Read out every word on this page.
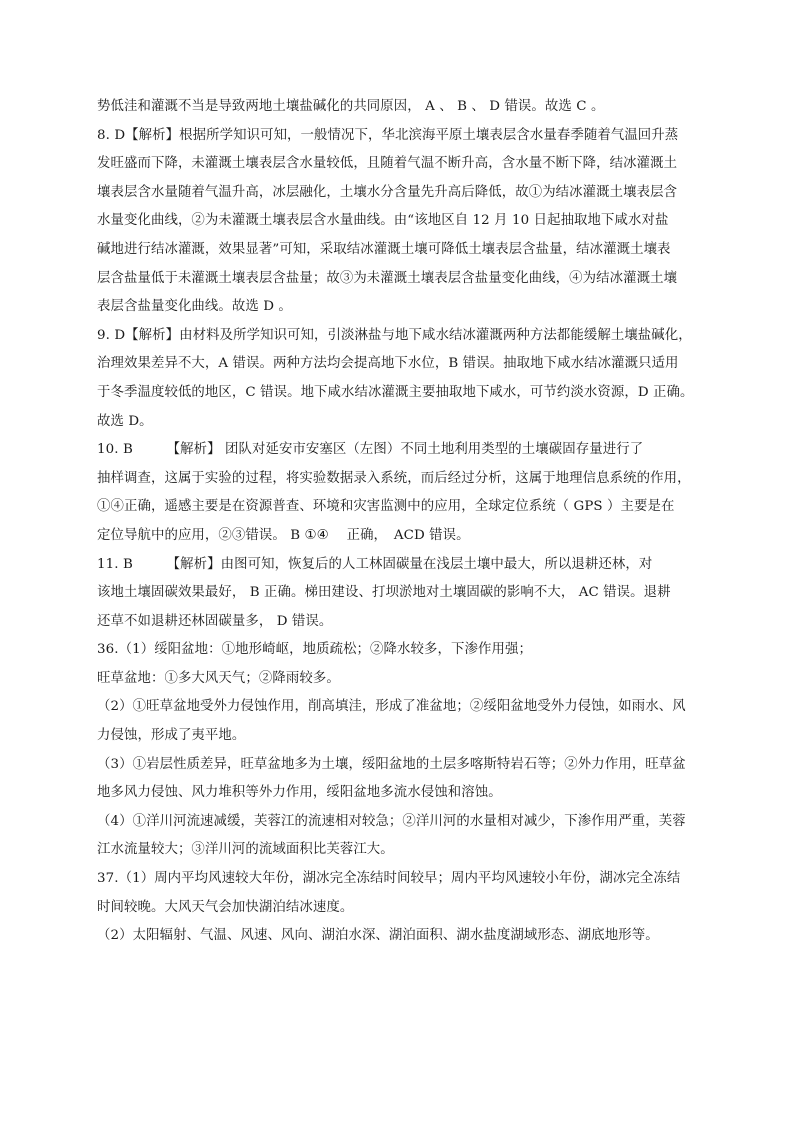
势低洼和灌溉不当是导致两地土壤盐碱化的共同原因， A 、 B 、 D 错误。故选 C 。
8. D【解析】根据所学知识可知，一般情况下，华北滨海平原土壤表层含水量春季随着气温回升蒸
发旺盛而下降，未灌溉土壤表层含水量较低，且随着气温不断升高，含水量不断下降，结冰灌溉土
壤表层含水量随着气温升高，冰层融化，土壤水分含量先升高后降低，故①为结冰灌溉土壤表层含
水量变化曲线，②为未灌溉土壤表层含水量曲线。由“该地区自 12 月 10 日起抽取地下咸水对盐
碱地进行结冰灌溉，效果显著”可知，采取结冰灌溉土壤可降低土壤表层含盐量，结冰灌溉土壤表
层含盐量低于未灌溉土壤表层含盐量；故③为未灌溉土壤表层含盐量变化曲线，④为结冰灌溉土壤
表层含盐量变化曲线。故选 D 。
9. D【解析】由材料及所学知识可知，引淡淋盐与地下咸水结冰灌溉两种方法都能缓解土壤盐碱化，
治理效果差异不大，A 错误。两种方法均会提高地下水位，B 错误。抽取地下咸水结冰灌溉只适用
于冬季温度较低的地区，C 错误。地下咸水结冰灌溉主要抽取地下咸水，可节约淡水资源，D 正确。
故选 D。
10. B　　　【解析】 团队对延安市安塞区（左图）不同土地利用类型的土壤碳固存量进行了
抽样调查，这属于实验的过程，将实验数据录入系统，而后经过分析，这属于地理信息系统的作用，
①④正确，遥感主要是在资源普查、环境和灾害监测中的应用，全球定位系统（ GPS ）主要是在
定位导航中的应用，②③错误。 B ①④　 正确，　ACD 错误。
11. B　　　【解析】由图可知，恢复后的人工林固碳量在浅层土壤中最大，所以退耕还林，对
该地土壤固碳效果最好， B 正确。梯田建设、打坝淤地对土壤固碳的影响不大， AC 错误。退耕
还草不如退耕还林固碳量多， D 错误。
36.（1）绥阳盆地：①地形崎岖，地质疏松；②降水较多，下渗作用强；
旺草盆地：①多大风天气；②降雨较多。
（2）①旺草盆地受外力侵蚀作用，削高填洼，形成了准盆地；②绥阳盆地受外力侵蚀，如雨水、风
力侵蚀，形成了夷平地。
（3）①岩层性质差异，旺草盆地多为土壤，绥阳盆地的土层多喀斯特岩石等；②外力作用，旺草盆
地多风力侵蚀、风力堆积等外力作用，绥阳盆地多流水侵蚀和溶蚀。
（4）①洋川河流速减缓，芙蓉江的流速相对较急；②洋川河的水量相对减少，下渗作用严重，芙蓉
江水流量较大；③洋川河的流域面积比芙蓉江大。
37.（1）周内平均风速较大年份，湖冰完全冻结时间较早；周内平均风速较小年份，湖冰完全冻结
时间较晚。大风天气会加快湖泊结冰速度。
（2）太阳辐射、气温、风速、风向、湖泊水深、湖泊面积、湖水盐度湖域形态、湖底地形等。
